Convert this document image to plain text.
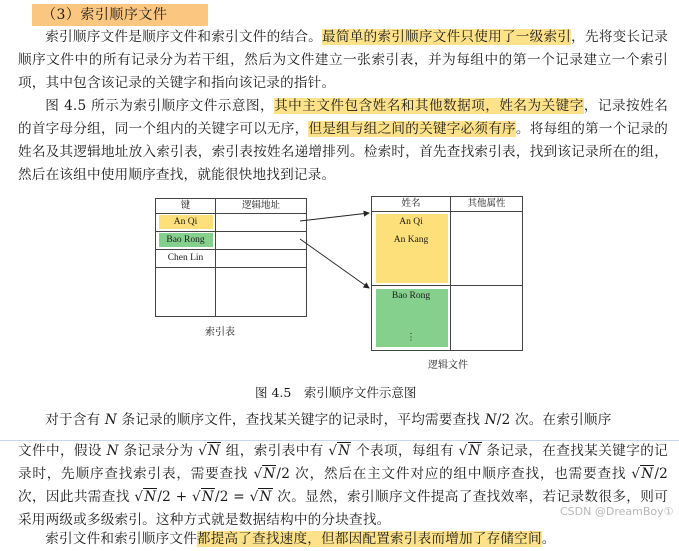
（3）索引顺序文件
索引顺序文件是顺序文件和索引文件的结合。最简单的索引顺序文件只使用了一级索引，先将变长记录顺序文件中的所有记录分为若干组，然后为文件建立一张索引表，并为每组中的第一个记录建立一个索引项，其中包含该记录的关键字和指向该记录的指针。
图 4.5 所示为索引顺序文件示意图，其中主文件包含姓名和其他数据项，姓名为关键字，记录按姓名的首字母分组，同一个组内的关键字可以无序，但是组与组之间的关键字必须有序。将每组的第一个记录的姓名及其逻辑地址放入索引表，索引表按姓名递增排列。检索时，首先查找索引表，找到该记录所在的组，然后在该组中使用顺序查找，就能很快地找到记录。
键	逻辑地址
An Qi
Bao Rong
Chen Lin
索引表
姓名	其他属性
An Qi
An Kang
Bao Rong
⋮
逻辑文件
图 4.5　索引顺序文件示意图
对于含有 N 条记录的顺序文件，查找某关键字的记录时，平均需要查找 N/2 次。在索引顺序
文件中，假设 N 条记录分为 √N 组，索引表中有 √N 个表项，每组有 √N 条记录，在查找某关键字的记录时，先顺序查找索引表，需要查找 √N/2 次，然后在主文件对应的组中顺序查找，也需要查找 √N/2 次，因此共需查找 √N/2 + √N/2 = √N 次。显然，索引顺序文件提高了查找效率，若记录数很多，则可采用两级或多级索引。这种方式就是数据结构中的分块查找。
索引文件和索引顺序文件都提高了查找速度，但都因配置索引表而增加了存储空间。
CSDN @DreamBoy①
